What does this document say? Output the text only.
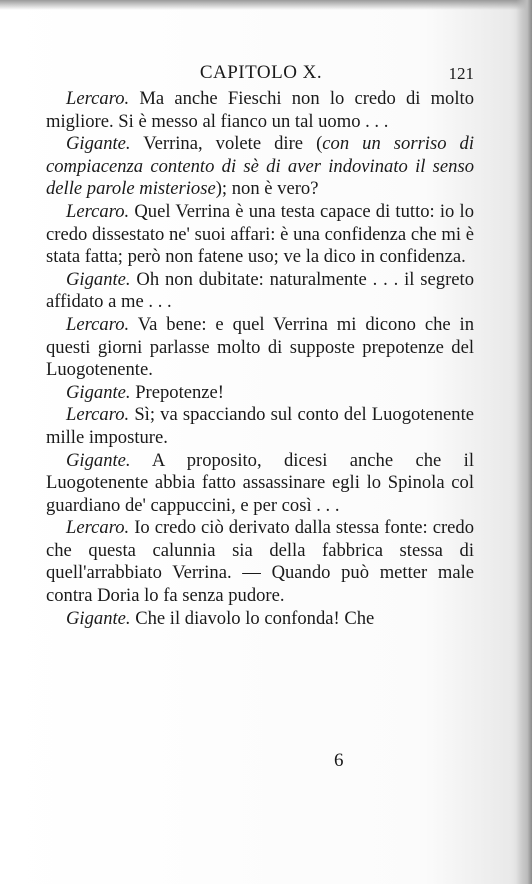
CAPITOLO X.	121

Lercaro. Ma anche Fieschi non lo credo di molto migliore. Si è messo al fianco un tal uomo . . .

Gigante. Verrina, volete dire (con un sorriso di compiacenza contento di sè di aver indovinato il senso delle parole misteriose); non è vero?

Lercaro. Quel Verrina è una testa capace di tutto: io lo credo dissestato ne' suoi affari: è una confidenza che mi è stata fatta; però non fatene uso; ve la dico in confidenza.

Gigante. Oh non dubitate: naturalmente . . . il segreto affidato a me . . .

Lercaro. Va bene: e quel Verrina mi dicono che in questi giorni parlasse molto di supposte prepotenze del Luogotenente.

Gigante. Prepotenze!

Lercaro. Sì; va spacciando sul conto del Luogotenente mille imposture.

Gigante. A proposito, dicesi anche che il Luogotenente abbia fatto assassinare egli lo Spinola col guardiano de' cappuccini, e per così . . .

Lercaro. Io credo ciò derivato dalla stessa fonte: credo che questa calunnia sia della fabbrica stessa di quell'arrabbiato Verrina. — Quando può metter male contra Doria lo fa senza pudore.

Gigante. Che il diavolo lo confonda! Che

6
